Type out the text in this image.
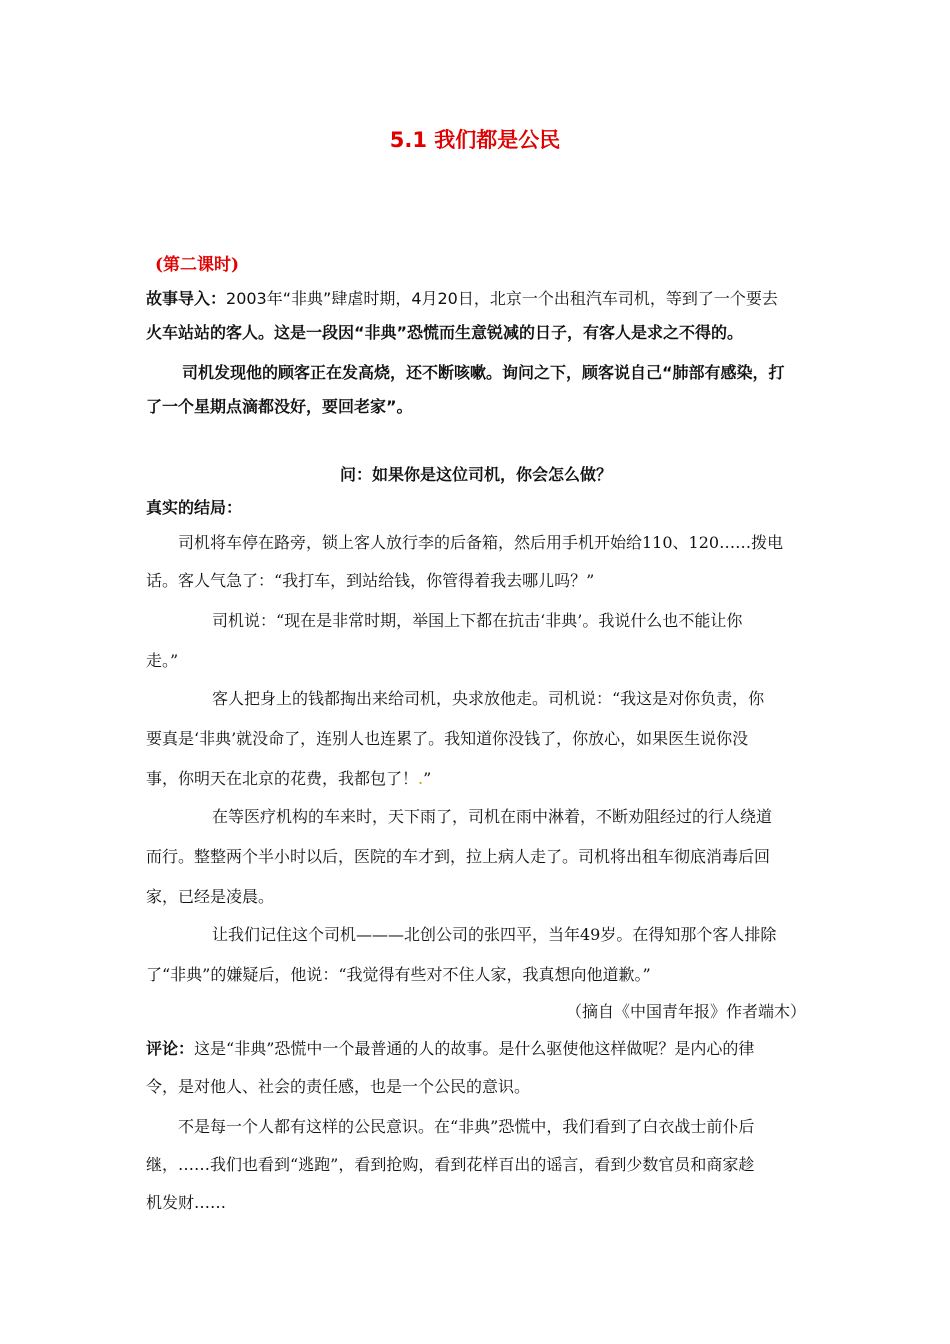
5.1 我们都是公民
(第二课时)
故事导入：2003年“非典”肆虐时期，4月20日，北京一个出租汽车司机，等到了一个要去
火车站站的客人。这是一段因“非典”恐慌而生意锐减的日子，有客人是求之不得的。
司机发现他的顾客正在发高烧，还不断咳嗽。询问之下，顾客说自己“肺部有感染，打
了一个星期点滴都没好，要回老家”。
问：如果你是这位司机，你会怎么做？
真实的结局：
司机将车停在路旁，锁上客人放行李的后备箱，然后用手机开始给110、120……拨电
话。客人气急了：“我打车，到站给钱，你管得着我去哪儿吗？”
司机说：“现在是非常时期，举国上下都在抗击‘非典’。我说什么也不能让你
走。”
客人把身上的钱都掏出来给司机，央求放他走。司机说：“我这是对你负责，你
要真是‘非典’就没命了，连别人也连累了。我知道你没钱了，你放心，如果医生说你没
事，你明天在北京的花费，我都包了！.”
在等医疗机构的车来时，天下雨了，司机在雨中淋着，不断劝阻经过的行人绕道
而行。整整两个半小时以后，医院的车才到，拉上病人走了。司机将出租车彻底消毒后回
家，已经是凌晨。
让我们记住这个司机———北创公司的张四平，当年49岁。在得知那个客人排除
了“非典”的嫌疑后，他说：“我觉得有些对不住人家，我真想向他道歉。”
（摘自《中国青年报》作者端木）
评论：这是“非典”恐慌中一个最普通的人的故事。是什么驱使他这样做呢？是内心的律
令，是对他人、社会的责任感，也是一个公民的意识。
不是每一个人都有这样的公民意识。在“非典”恐慌中，我们看到了白衣战士前仆后
继，……我们也看到“逃跑”，看到抢购，看到花样百出的谣言，看到少数官员和商家趁
机发财……
